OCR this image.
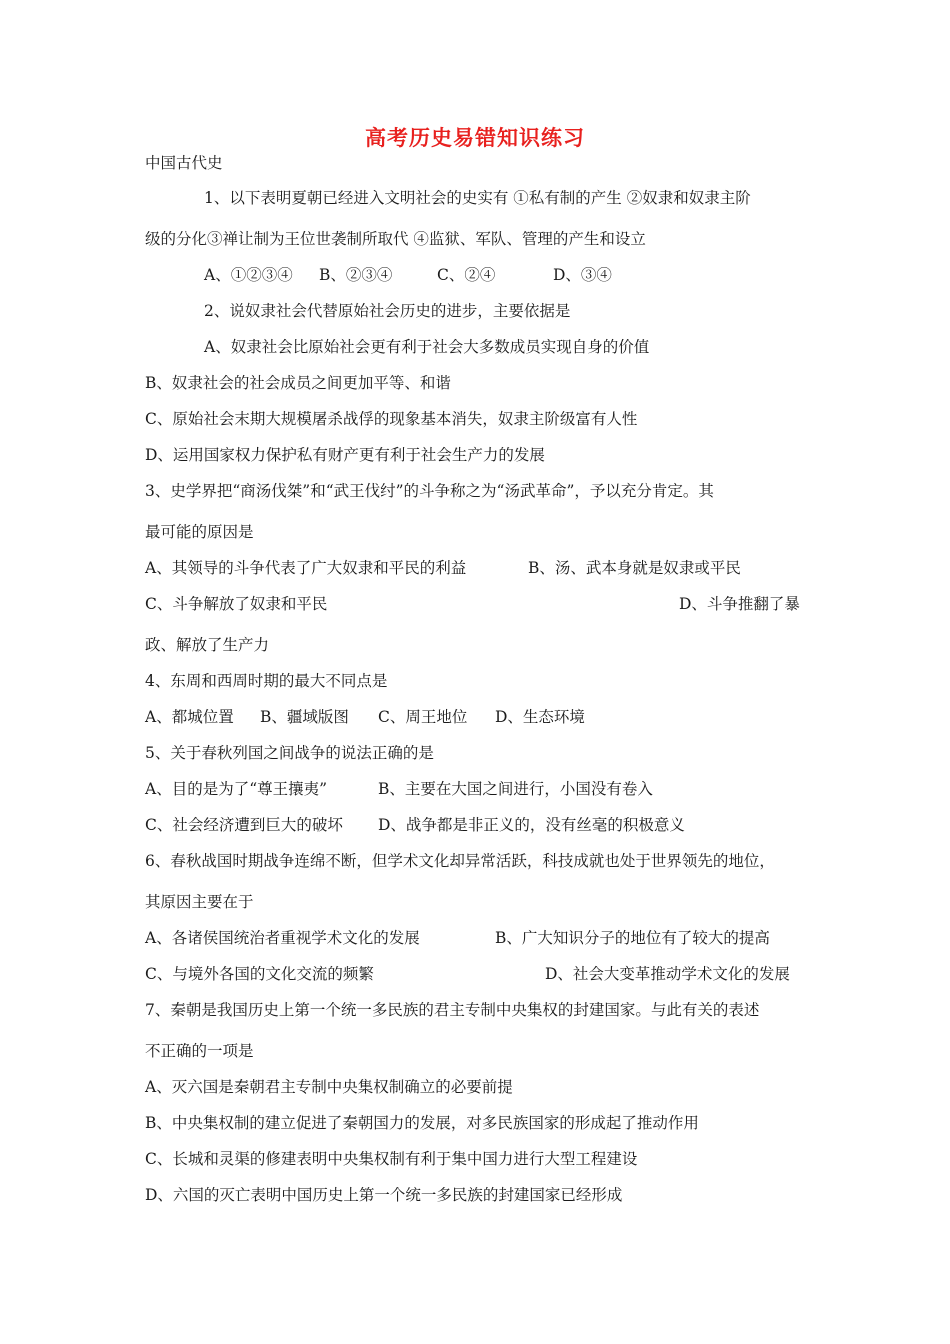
高考历史易错知识练习
中国古代史
1、以下表明夏朝已经进入文明社会的史实有 ①私有制的产生 ②奴隶和奴隶主阶
级的分化③禅让制为王位世袭制所取代 ④监狱、军队、管理的产生和设立
A、①②③④ B、②③④	C、②④	D、③④
2、说奴隶社会代替原始社会历史的进步，主要依据是
A、奴隶社会比原始社会更有利于社会大多数成员实现自身的价值
B、奴隶社会的社会成员之间更加平等、和谐
C、原始社会末期大规模屠杀战俘的现象基本消失，奴隶主阶级富有人性
D、运用国家权力保护私有财产更有利于社会生产力的发展
3、史学界把“商汤伐桀”和“武王伐纣”的斗争称之为“汤武革命”，予以充分肯定。其
最可能的原因是
A、其领导的斗争代表了广大奴隶和平民的利益	B、汤、武本身就是奴隶或平民
C、斗争解放了奴隶和平民	D、斗争推翻了暴
政、解放了生产力
4、东周和西周时期的最大不同点是
A、都城位置 B、疆域版图 C、周王地位 D、生态环境
5、关于春秋列国之间战争的说法正确的是
A、目的是为了“尊王攘夷”	B、主要在大国之间进行，小国没有卷入
C、社会经济遭到巨大的破坏 D、战争都是非正义的，没有丝毫的积极意义
6、春秋战国时期战争连绵不断，但学术文化却异常活跃，科技成就也处于世界领先的地位，
其原因主要在于
A、各诸侯国统治者重视学术文化的发展	B、广大知识分子的地位有了较大的提高
C、与境外各国的文化交流的频繁	D、社会大变革推动学术文化的发展
7、秦朝是我国历史上第一个统一多民族的君主专制中央集权的封建国家。与此有关的表述
不正确的一项是
A、灭六国是秦朝君主专制中央集权制确立的必要前提
B、中央集权制的建立促进了秦朝国力的发展，对多民族国家的形成起了推动作用
C、长城和灵渠的修建表明中央集权制有利于集中国力进行大型工程建设
D、六国的灭亡表明中国历史上第一个统一多民族的封建国家已经形成
